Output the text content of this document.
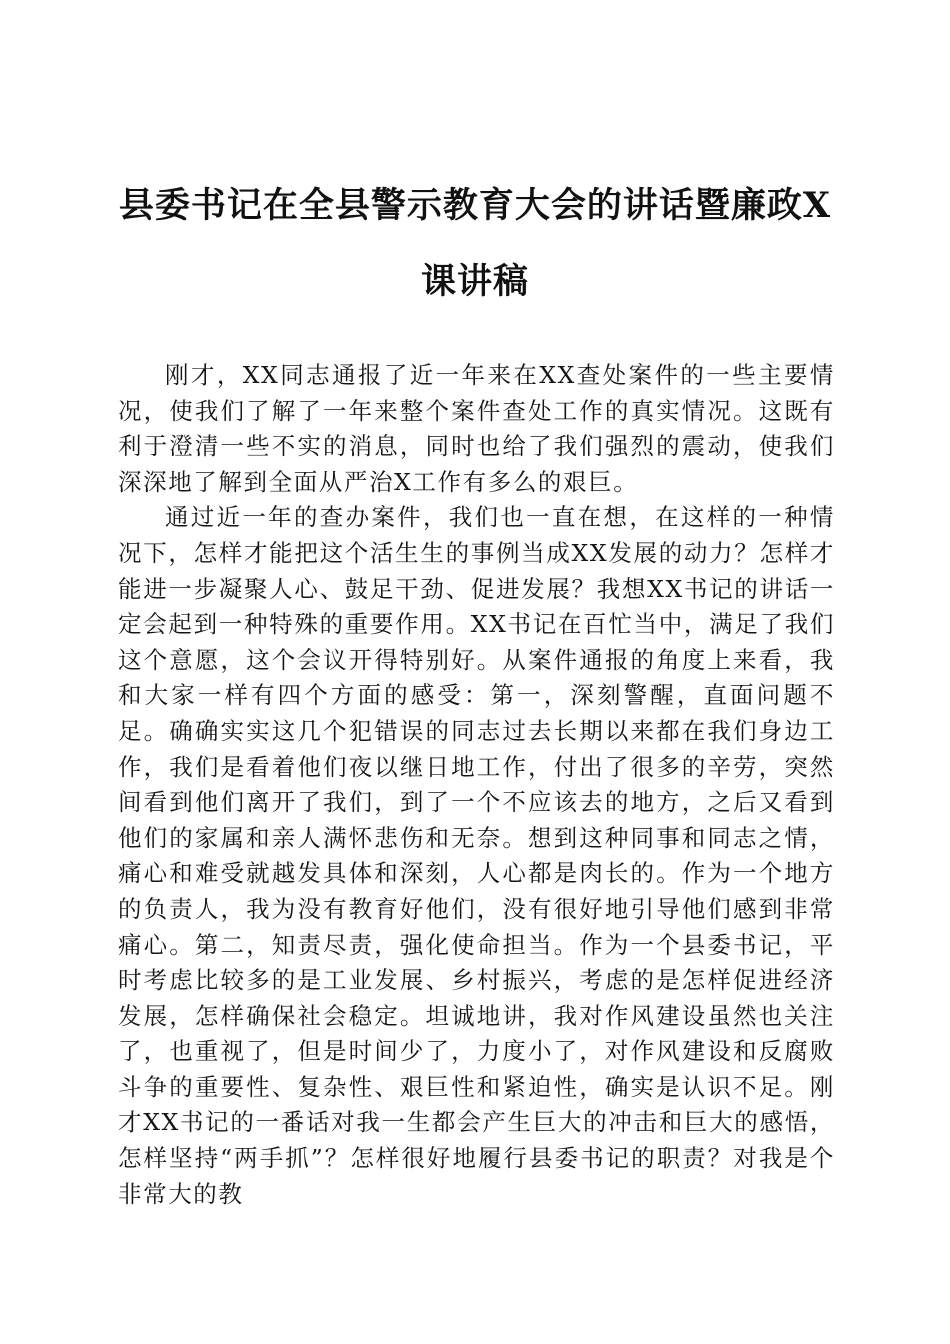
县委书记在全县警示教育大会的讲话暨廉政X课讲稿

刚才，XX同志通报了近一年来在XX查处案件的一些主要情况，使我们了解了一年来整个案件查处工作的真实情况。这既有利于澄清一些不实的消息，同时也给了我们强烈的震动，使我们深深地了解到全面从严治X工作有多么的艰巨。

通过近一年的查办案件，我们也一直在想，在这样的一种情况下，怎样才能把这个活生生的事例当成XX发展的动力？怎样才能进一步凝聚人心、鼓足干劲、促进发展？我想XX书记的讲话一定会起到一种特殊的重要作用。XX书记在百忙当中，满足了我们这个意愿，这个会议开得特别好。从案件通报的角度上来看，我和大家一样有四个方面的感受：第一，深刻警醒，直面问题不足。确确实实这几个犯错误的同志过去长期以来都在我们身边工作，我们是看着他们夜以继日地工作，付出了很多的辛劳，突然间看到他们离开了我们，到了一个不应该去的地方，之后又看到他们的家属和亲人满怀悲伤和无奈。想到这种同事和同志之情，痛心和难受就越发具体和深刻，人心都是肉长的。作为一个地方的负责人，我为没有教育好他们，没有很好地引导他们感到非常痛心。第二，知责尽责，强化使命担当。作为一个县委书记，平时考虑比较多的是工业发展、乡村振兴，考虑的是怎样促进经济发展，怎样确保社会稳定。坦诚地讲，我对作风建设虽然也关注了，也重视了，但是时间少了，力度小了，对作风建设和反腐败斗争的重要性、复杂性、艰巨性和紧迫性，确实是认识不足。刚才XX书记的一番话对我一生都会产生巨大的冲击和巨大的感悟，怎样坚持“两手抓”？怎样很好地履行县委书记的职责？对我是个非常大的教
